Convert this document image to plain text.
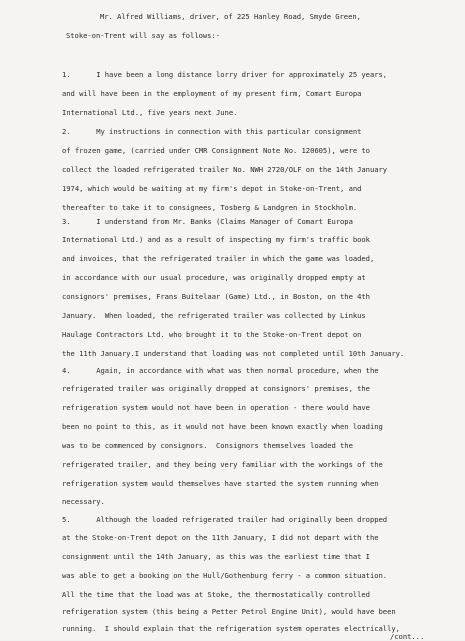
Mr. Alfred Williams, driver, of 225 Hanley Road, Smyde Green,
Stoke-on-Trent will say as follows:-
1.      I have been a long distance lorry driver for approximately 25 years,
and will have been in the employment of my present firm, Comart Europa
International Ltd., five years next June.
2.      My instructions in connection with this particular consignment
of frozen game, (carried under CMR Consignment Note No. 120605), were to
collect the loaded refrigerated trailer No. NWH 2720/OLF on the 14th January
1974, which would be waiting at my firm's depot in Stoke-on-Trent, and
thereafter to take it to consignees, Tosberg & Landgren in Stockholm.
3.      I understand from Mr. Banks (Claims Manager of Comart Europa
International Ltd.) and as a result of inspecting my firm's traffic book
and invoices, that the refrigerated trailer in which the game was loaded,
in accordance with our usual procedure, was originally dropped empty at
consignors' premises, Frans Buitelaar (Game) Ltd., in Boston, on the 4th
January.  When loaded, the refrigerated trailer was collected by Linkus
Haulage Contractors Ltd. who brought it to the Stoke-on-Trent depot on
the 11th January.I understand that loading was not completed until 10th January.
4.      Again, in accordance with what was then normal procedure, when the
refrigerated trailer was originally dropped at consignors' premises, the
refrigeration system would not have been in operation - there would have
been no point to this, as it would not have been known exactly when loading
was to be commenced by consignors.  Consignors themselves loaded the
refrigerated trailer, and they being very familiar with the workings of the
refrigeration system would themselves have started the system running when
necessary.
5.      Although the loaded refrigerated trailer had originally been dropped
at the Stoke-on-Trent depot on the 11th January, I did not depart with the
consignment until the 14th January, as this was the earliest time that I
was able to get a booking on the Hull/Gothenburg ferry - a common situation.
All the time that the load was at Stoke, the thermostatically controlled
refrigeration system (this being a Petter Petrol Engine Unit), would have been
running.  I should explain that the refrigeration system operates electrically,
/cont...
